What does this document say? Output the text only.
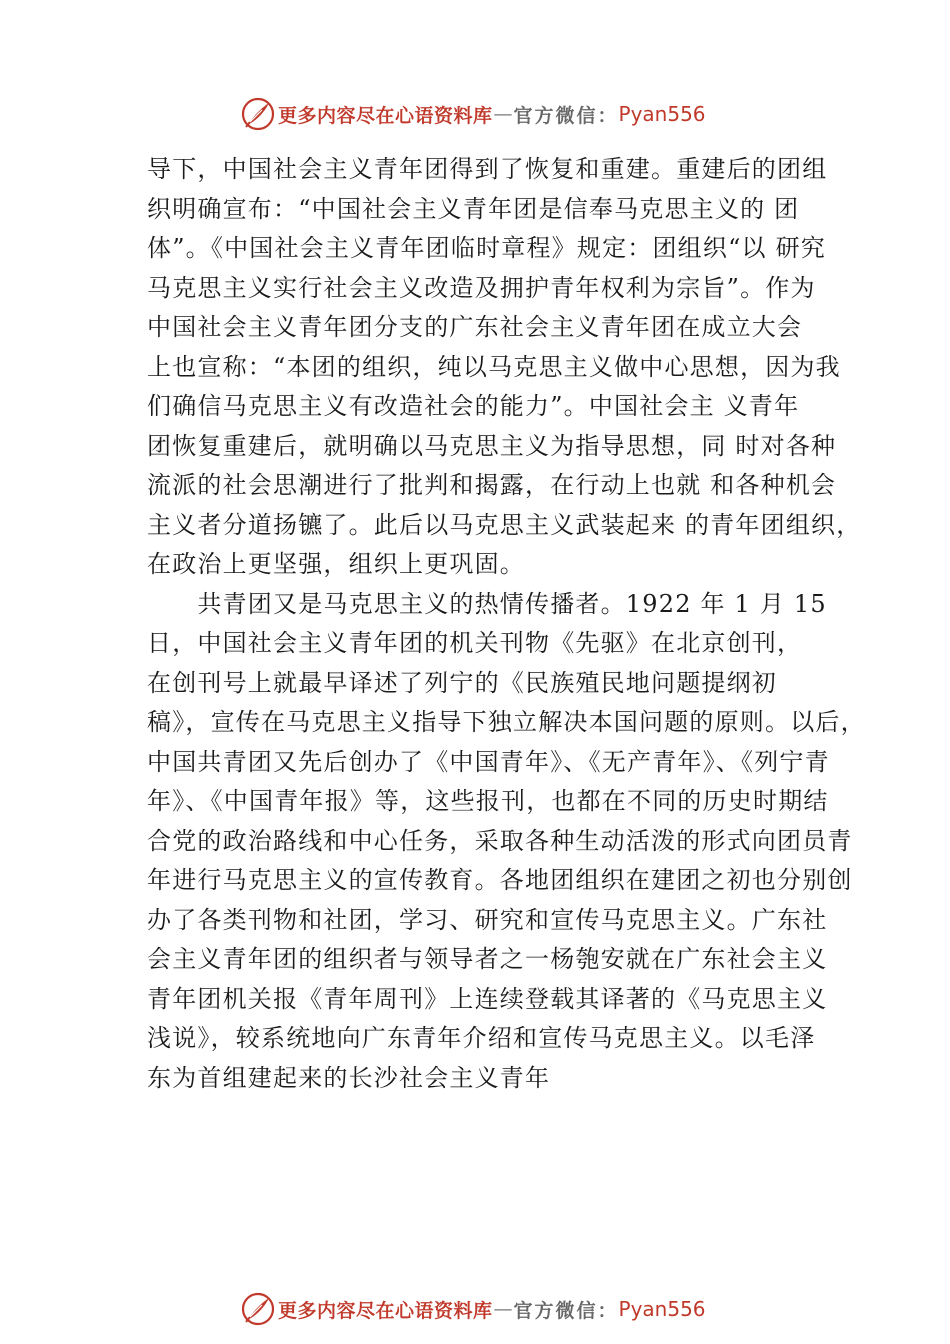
更多内容尽在心语资料库 — 官方微信： Pyan556
导下，中国社会主义青年团得到了恢复和重建。重建后的团组
织明确宣布：“中国社会主义青年团是信奉马克思主义的 团
体”。《中国社会主义青年团临时章程》规定：团组织“以 研究
马克思主义实行社会主义改造及拥护青年权利为宗旨”。作为
中国社会主义青年团分支的广东社会主义青年团在成立大会
上也宣称：“本团的组织，纯以马克思主义做中心思想，因为我
们确信马克思主义有改造社会的能力”。中国社会主 义青年
团恢复重建后，就明确以马克思主义为指导思想，同 时对各种
流派的社会思潮进行了批判和揭露，在行动上也就 和各种机会
主义者分道扬镳了。此后以马克思主义武装起来 的青年团组织，
在政治上更坚强，组织上更巩固。
　　共青团又是马克思主义的热情传播者。1922 年 1 月 15
日，中国社会主义青年团的机关刊物《先驱》在北京创刊，
在创刊号上就最早译述了列宁的《民族殖民地问题提纲初
稿》，宣传在马克思主义指导下独立解决本国问题的原则。以后，
中国共青团又先后创办了《中国青年》、《无产青年》、《列宁青
年》、《中国青年报》等，这些报刊，也都在不同的历史时期结
合党的政治路线和中心任务，采取各种生动活泼的形式向团员青
年进行马克思主义的宣传教育。各地团组织在建团之初也分别创
办了各类刊物和社团，学习、研究和宣传马克思主义。广东社
会主义青年团的组织者与领导者之一杨匏安就在广东社会主义
青年团机关报《青年周刊》上连续登载其译著的《马克思主义
浅说》，较系统地向广东青年介绍和宣传马克思主义。以毛泽
东为首组建起来的长沙社会主义青年
更多内容尽在心语资料库 — 官方微信： Pyan556
